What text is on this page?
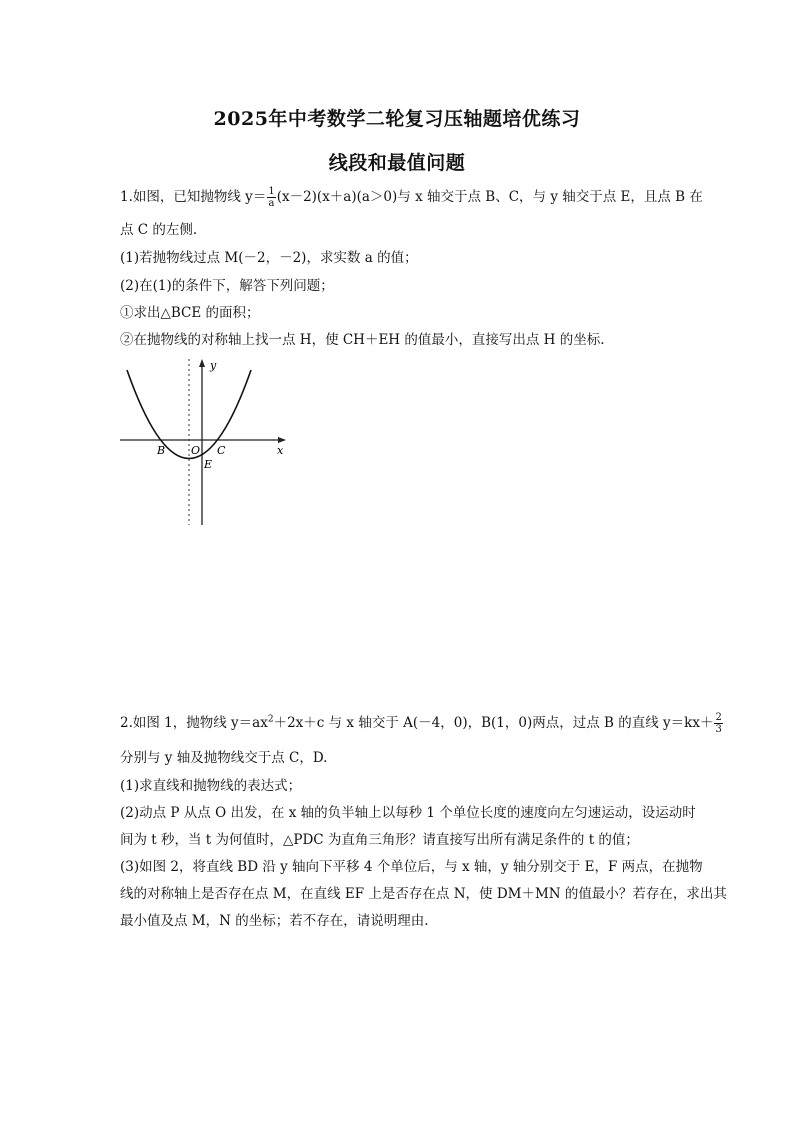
2025年中考数学二轮复习压轴题培优练习
线段和最值问题
1.如图，已知抛物线 $y= \frac{1}{a} (x-2)(x+a)(a>0)$与 x 轴交于点 B、C，与 y 轴交于点 E，且点 B 在
点 C 的左侧.
(1)若抛物线过点 M(－2，－2)，求实数 a 的值；
(2)在(1)的条件下，解答下列问题；
①求出△BCE 的面积；
②在抛物线的对称轴上找一点 H，使 CH＋EH 的值最小，直接写出点 H 的坐标.
y
x
B O C
E
2.如图 1，抛物线 $y=ax^2+2x+c$ 与 x 轴交于 A(－4，0)，B(1，0)两点，过点 B 的直线 $y=kx+ \frac{2}{3}$
分别与 y 轴及抛物线交于点 C，D.
(1)求直线和抛物线的表达式；
(2)动点 P 从点 O 出发，在 x 轴的负半轴上以每秒 1 个单位长度的速度向左匀速运动，设运动时
间为 t 秒，当 t 为何值时，△PDC 为直角三角形？请直接写出所有满足条件的 t 的值；
(3)如图 2，将直线 BD 沿 y 轴向下平移 4 个单位后，与 x 轴，y 轴分别交于 E，F 两点，在抛物
线的对称轴上是否存在点 M，在直线 EF 上是否存在点 N，使 DM＋MN 的值最小？若存在，求出其
最小值及点 M，N 的坐标；若不存在，请说明理由.
